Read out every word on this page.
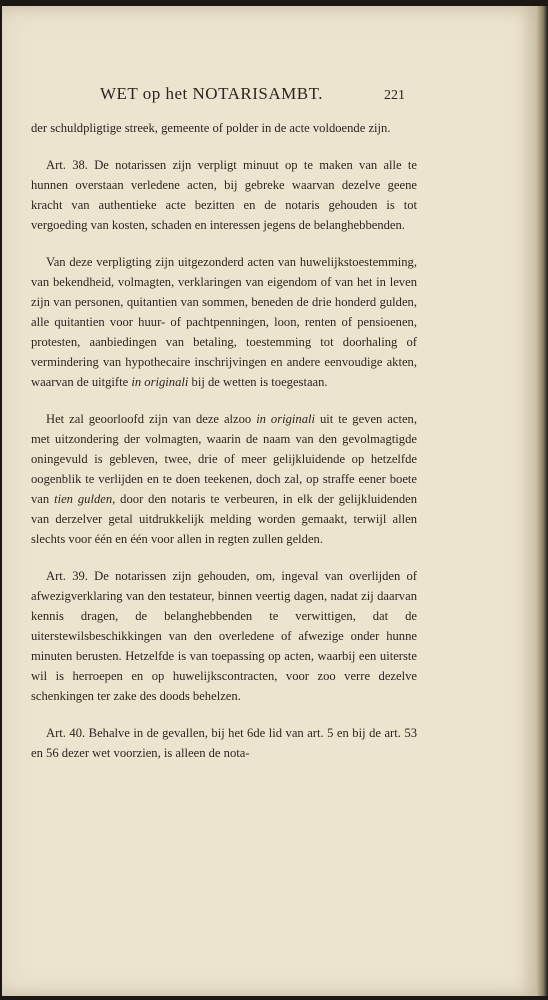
WET op het NOTARISAMBT.	221

der schuldpligtige streek, gemeente of polder in de acte voldoende zijn.

Art. 38. De notarissen zijn verpligt minuut op te maken van alle te hunnen overstaan verledene acten, bij gebreke waarvan dezelve geene kracht van authentieke acte bezitten en de notaris gehouden is tot vergoeding van kosten, schaden en interessen jegens de belanghebbenden.

Van deze verpligting zijn uitgezonderd acten van huwelijkstoestemming, van bekendheid, volmagten, verklaringen van eigendom of van het in leven zijn van personen, quitantien van sommen, beneden de drie honderd gulden, alle quitantien voor huur- of pachtpenningen, loon, renten of pensioenen, protesten, aanbiedingen van betaling, toestemming tot doorhaling of vermindering van hypothecaire inschrijvingen en andere eenvoudige akten, waarvan de uitgifte in originali bij de wetten is toegestaan.

Het zal geoorloofd zijn van deze alzoo in originali uit te geven acten, met uitzondering der volmagten, waarin de naam van den gevolmagtigde oningevuld is gebleven, twee, drie of meer gelijkluidende op hetzelfde oogenblik te verlijden en te doen teekenen, doch zal, op straffe eener boete van tien gulden, door den notaris te verbeuren, in elk der gelijkluidenden van derzelver getal uitdrukkelijk melding worden gemaakt, terwijl allen slechts voor één en één voor allen in regten zullen gelden.

Art. 39. De notarissen zijn gehouden, om, ingeval van overlijden of afwezigverklaring van den testateur, binnen veertig dagen, nadat zij daarvan kennis dragen, de belanghebbenden te verwittigen, dat de uiterstewilsbeschikkingen van den overledene of afwezige onder hunne minuten berusten. Hetzelfde is van toepassing op acten, waarbij een uiterste wil is herroepen en op huwelijkscontracten, voor zoo verre dezelve schenkingen ter zake des doods behelzen.

Art. 40. Behalve in de gevallen, bij het 6de lid van art. 5 en bij de art. 53 en 56 dezer wet voorzien, is alleen de nota-
